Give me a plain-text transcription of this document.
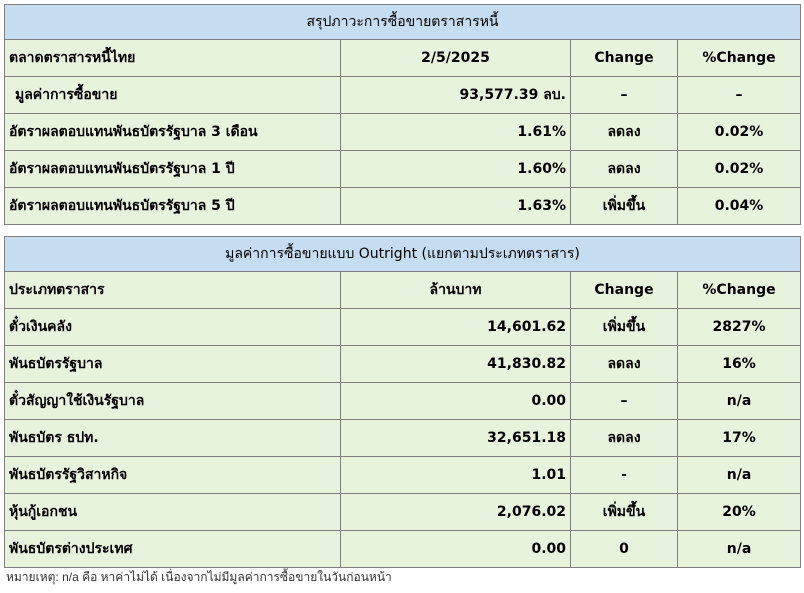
สรุปภาวะการซื้อขายตราสารหนี้
ตลาดตราสารหนี้ไทย	2/5/2025	Change	%Change
มูลค่าการซื้อขาย	93,577.39 ลบ.	–	–
อัตราผลตอบแทนพันธบัตรรัฐบาล 3 เดือน	1.61%	ลดลง	0.02%
อัตราผลตอบแทนพันธบัตรรัฐบาล 1 ปี	1.60%	ลดลง	0.02%
อัตราผลตอบแทนพันธบัตรรัฐบาล 5 ปี	1.63%	เพิ่มขึ้น	0.04%
มูลค่าการซื้อขายแบบ Outright (แยกตามประเภทตราสาร)
ประเภทตราสาร	ล้านบาท	Change	%Change
ตั๋วเงินคลัง	14,601.62	เพิ่มขึ้น	2827%
พันธบัตรรัฐบาล	41,830.82	ลดลง	16%
ตั๋วสัญญาใช้เงินรัฐบาล	0.00	–	n/a
พันธบัตร ธปท.	32,651.18	ลดลง	17%
พันธบัตรรัฐวิสาหกิจ	1.01	-	n/a
หุ้นกู้เอกชน	2,076.02	เพิ่มขึ้น	20%
พันธบัตรต่างประเทศ	0.00	0	n/a
หมายเหตุ: n/a คือ หาค่าไม่ได้ เนื่องจากไม่มีมูลค่าการซื้อขายในวันก่อนหน้า
